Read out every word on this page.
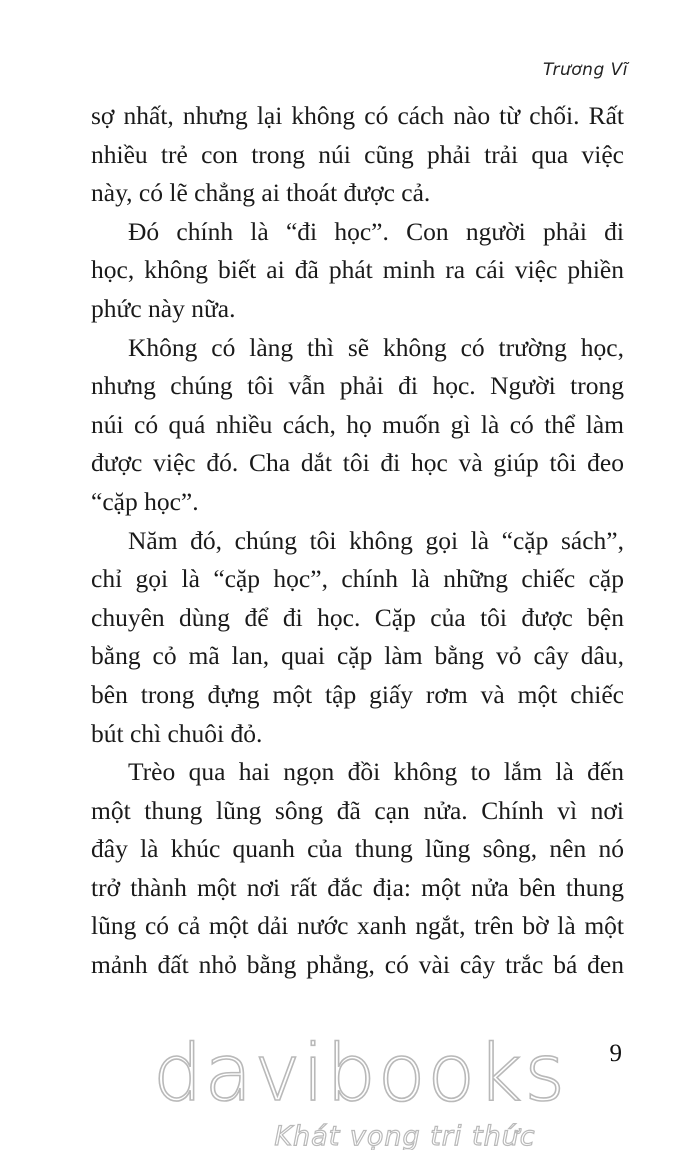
Trương Vĩ
sợ nhất, nhưng lại không có cách nào từ chối. Rất
nhiều trẻ con trong núi cũng phải trải qua việc
này, có lẽ chẳng ai thoát được cả.
Đó chính là “đi học”. Con người phải đi
học, không biết ai đã phát minh ra cái việc phiền
phức này nữa.
Không có làng thì sẽ không có trường học,
nhưng chúng tôi vẫn phải đi học. Người trong
núi có quá nhiều cách, họ muốn gì là có thể làm
được việc đó. Cha dắt tôi đi học và giúp tôi đeo
“cặp học”.
Năm đó, chúng tôi không gọi là “cặp sách”,
chỉ gọi là “cặp học”, chính là những chiếc cặp
chuyên dùng để đi học. Cặp của tôi được bện
bằng cỏ mã lan, quai cặp làm bằng vỏ cây dâu,
bên trong đựng một tập giấy rơm và một chiếc
bút chì chuôi đỏ.
Trèo qua hai ngọn đồi không to lắm là đến
một thung lũng sông đã cạn nửa. Chính vì nơi
đây là khúc quanh của thung lũng sông, nên nó
trở thành một nơi rất đắc địa: một nửa bên thung
lũng có cả một dải nước xanh ngắt, trên bờ là một
mảnh đất nhỏ bằng phẳng, có vài cây trắc bá đen
9
davibooks
Khát vọng tri thức
